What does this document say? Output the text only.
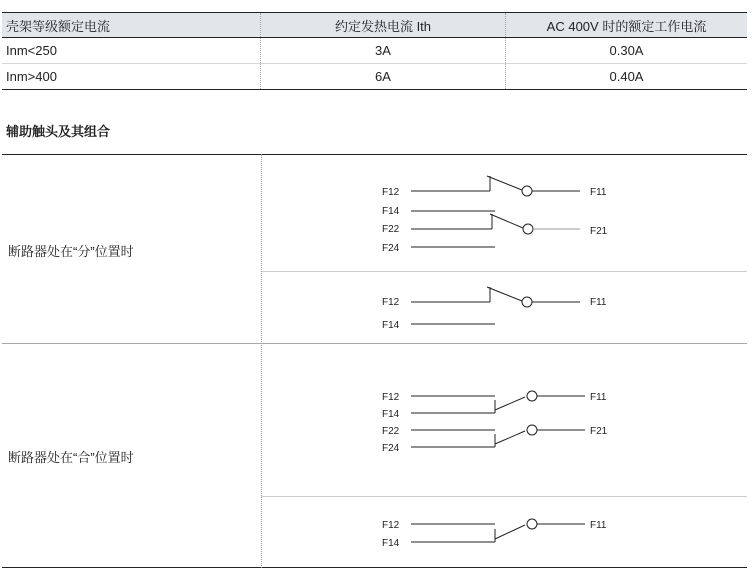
壳架等级额定电流	约定发热电流 Ith	AC 400V 时的额定工作电流
Inm<250	3A	0.30A
Inm>400	6A	0.40A
辅助触头及其组合
断路器处在“分”位置时
断路器处在“合”位置时
F12
F14
F22
F24
F11
F21
F12
F14
F11
F12
F14
F22
F24
F11
F21
F12
F14
F11
